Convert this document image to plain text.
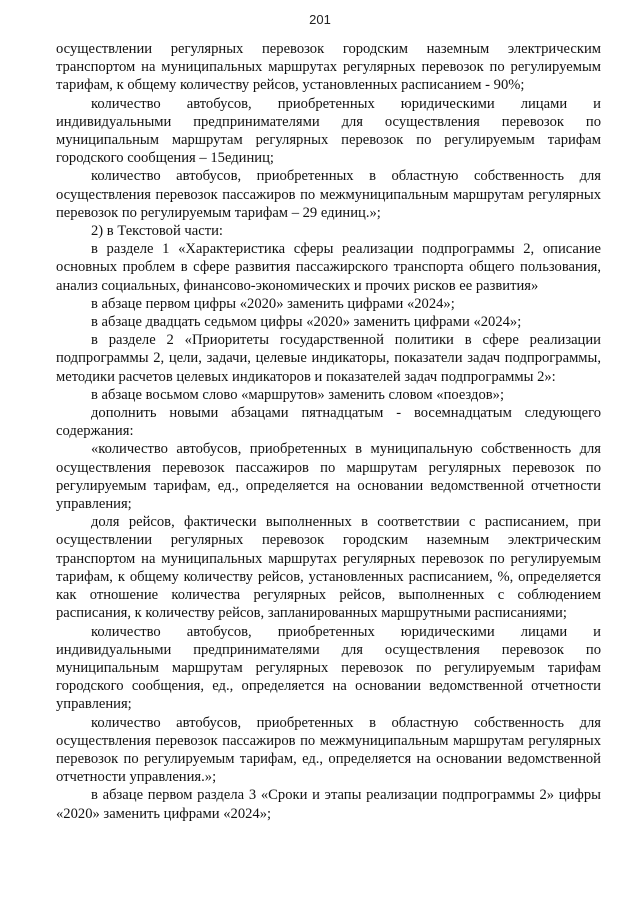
201

осуществлении регулярных перевозок городским наземным электрическим транспортом на муниципальных маршрутах регулярных перевозок по регулируемым тарифам, к общему количеству рейсов, установленных расписанием - 90%;

количество автобусов, приобретенных юридическими лицами и индивидуальными предпринимателями для осуществления перевозок по муниципальным маршрутам регулярных перевозок по регулируемым тарифам городского сообщения – 15единиц;

количество автобусов, приобретенных в областную собственность для осуществления перевозок пассажиров по межмуниципальным маршрутам регулярных перевозок по регулируемым тарифам – 29 единиц.»;

2) в Текстовой части:

в разделе 1 «Характеристика сферы реализации подпрограммы 2, описание основных проблем в сфере развития пассажирского транспорта общего пользования, анализ социальных, финансово-экономических и прочих рисков ее развития»

в абзаце первом цифры «2020» заменить цифрами «2024»;

в абзаце двадцать седьмом цифры «2020» заменить цифрами «2024»;

в разделе 2 «Приоритеты государственной политики в сфере реализации подпрограммы 2, цели, задачи, целевые индикаторы, показатели задач подпрограммы, методики расчетов целевых индикаторов и показателей задач подпрограммы 2»:

в абзаце восьмом слово «маршрутов» заменить словом «поездов»;

дополнить новыми абзацами пятнадцатым - восемнадцатым следующего содержания:

«количество автобусов, приобретенных в муниципальную собственность для осуществления перевозок пассажиров по маршрутам регулярных перевозок по регулируемым тарифам, ед., определяется на основании ведомственной отчетности управления;

доля рейсов, фактически выполненных в соответствии с расписанием, при осуществлении регулярных перевозок городским наземным электрическим транспортом на муниципальных маршрутах регулярных перевозок по регулируемым тарифам, к общему количеству рейсов, установленных расписанием, %, определяется как отношение количества регулярных рейсов, выполненных с соблюдением расписания, к количеству рейсов, запланированных маршрутными расписаниями;

количество автобусов, приобретенных юридическими лицами и индивидуальными предпринимателями для осуществления перевозок по муниципальным маршрутам регулярных перевозок по регулируемым тарифам городского сообщения, ед., определяется на основании ведомственной отчетности управления;

количество автобусов, приобретенных в областную собственность для осуществления перевозок пассажиров по межмуниципальным маршрутам регулярных перевозок по регулируемым тарифам, ед., определяется на основании ведомственной отчетности управления.»;

в абзаце первом раздела 3 «Сроки и этапы реализации подпрограммы 2» цифры «2020» заменить цифрами «2024»;
